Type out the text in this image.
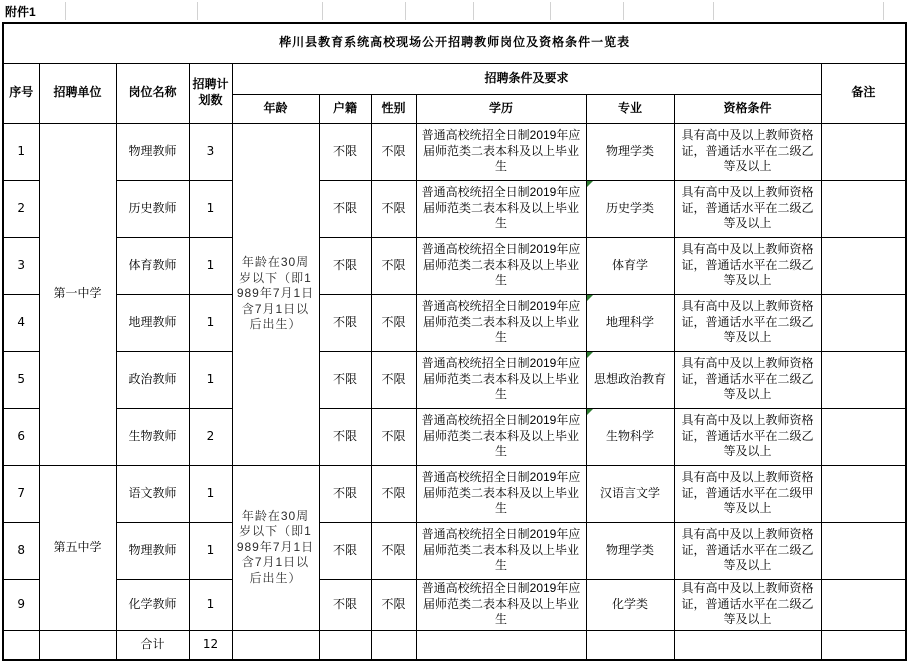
附件1
桦川县教育系统高校现场公开招聘教师岗位及资格条件一览表										
序号	招聘单位	岗位名称	招聘计划数	招聘条件及要求						备注
				年龄	户籍	性别	学历	专业	资格条件	
1	第一中学	物理教师	3	年龄在30周岁以下（即1989年7月1日含7月1日以后出生）	不限	不限	普通高校统招全日制2019年应届师范类二表本科及以上毕业生	物理学类	具有高中及以上教师资格证，普通话水平在二级乙等及以上	
2		历史教师	1		不限	不限	普通高校统招全日制2019年应届师范类二表本科及以上毕业生	历史学类	具有高中及以上教师资格证，普通话水平在二级乙等及以上	
3		体育教师	1		不限	不限	普通高校统招全日制2019年应届师范类二表本科及以上毕业生	体育学	具有高中及以上教师资格证，普通话水平在二级乙等及以上	
4		地理教师	1		不限	不限	普通高校统招全日制2019年应届师范类二表本科及以上毕业生	地理科学	具有高中及以上教师资格证，普通话水平在二级乙等及以上	
5		政治教师	1		不限	不限	普通高校统招全日制2019年应届师范类二表本科及以上毕业生	思想政治教育	具有高中及以上教师资格证，普通话水平在二级乙等及以上	
6		生物教师	2		不限	不限	普通高校统招全日制2019年应届师范类二表本科及以上毕业生	生物科学	具有高中及以上教师资格证，普通话水平在二级乙等及以上	
7	第五中学	语文教师	1	年龄在30周岁以下（即1989年7月1日含7月1日以后出生）	不限	不限	普通高校统招全日制2019年应届师范类二表本科及以上毕业生	汉语言文学	具有高中及以上教师资格证，普通话水平在二级甲等及以上	
8		物理教师	1		不限	不限	普通高校统招全日制2019年应届师范类二表本科及以上毕业生	物理学类	具有高中及以上教师资格证，普通话水平在二级乙等及以上	
9		化学教师	1		不限	不限	普通高校统招全日制2019年应届师范类二表本科及以上毕业生	化学类	具有高中及以上教师资格证，普通话水平在二级乙等及以上	
		合计	12							
